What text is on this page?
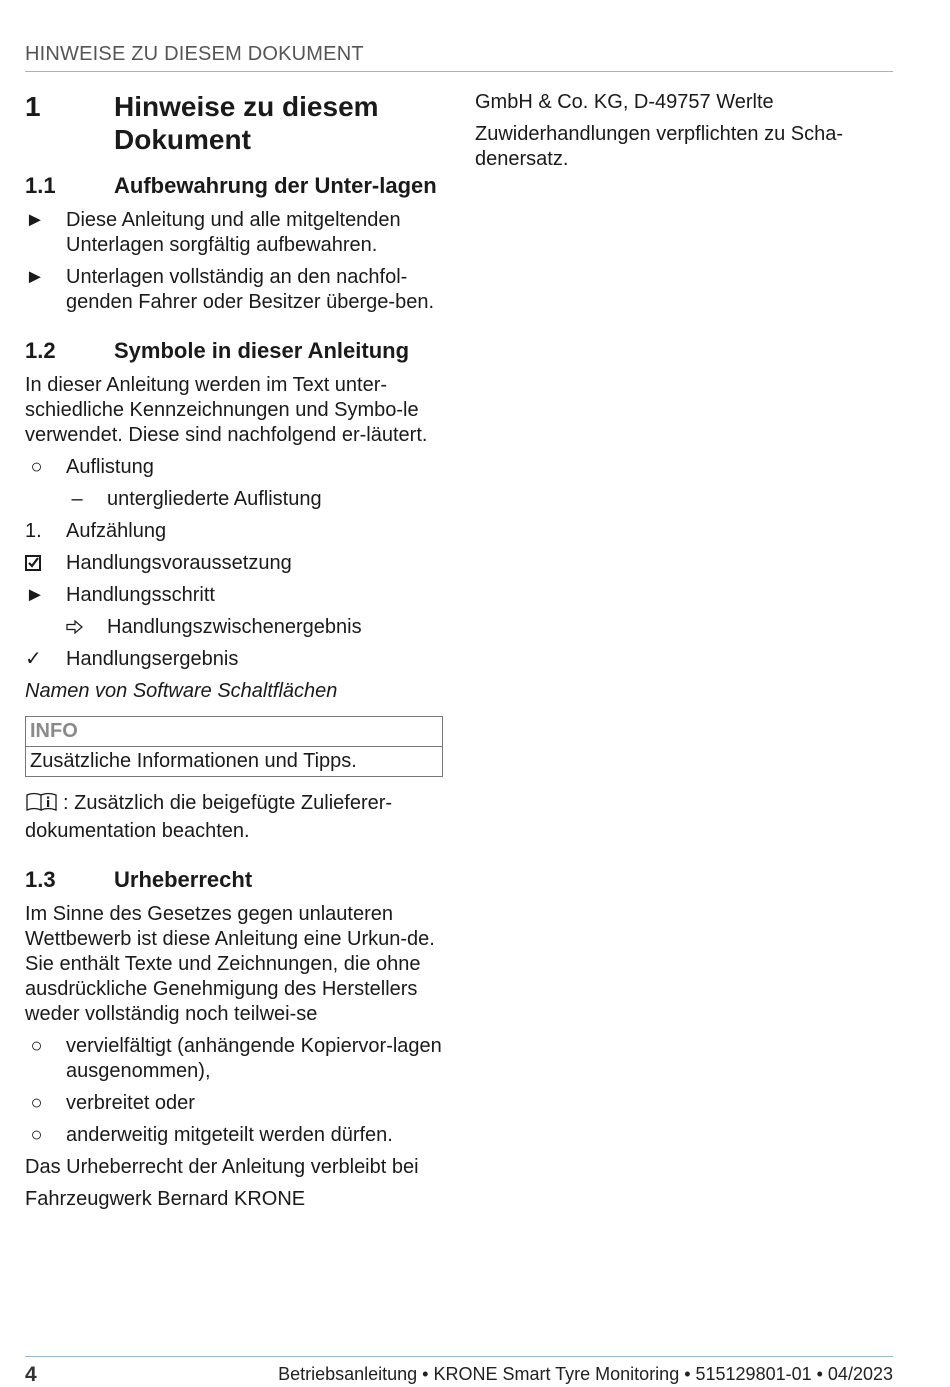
HINWEISE ZU DIESEM DOKUMENT
1	Hinweise zu diesem Dokument
1.1	Aufbewahrung der Unter-lagen
►	Diese Anleitung und alle mitgeltenden Unterlagen sorgfältig aufbewahren.
►	Unterlagen vollständig an den nachfol-genden Fahrer oder Besitzer überge-ben.
1.2	Symbole in dieser Anleitung

In dieser Anleitung werden im Text unter-schiedliche Kennzeichnungen und Symbo-le verwendet. Diese sind nachfolgend er-läutert.

○	Auflistung
–	untergliederte Auflistung
1.	Aufzählung
Handlungsvoraussetzung
►	Handlungsschritt
Handlungszwischenergebnis
✓	Handlungsergebnis

Namen von Software Schaltflächen

INFO
Zusätzliche Informationen und Tipps.
: Zusätzlich die beigefügte Zulieferer-dokumentation beachten.
1.3	Urheberrecht

Im Sinne des Gesetzes gegen unlauteren Wettbewerb ist diese Anleitung eine Urkun-de. Sie enthält Texte und Zeichnungen, die ohne ausdrückliche Genehmigung des Herstellers weder vollständig noch teilwei-se

○	vervielfältigt (anhängende Kopiervor-lagen ausgenommen),
○	verbreitet oder
○	anderweitig mitgeteilt werden dürfen.

Das Urheberrecht der Anleitung verbleibt bei

Fahrzeugwerk Bernard KRONE

GmbH & Co. KG, D-49757 Werlte

Zuwiderhandlungen verpflichten zu Scha-denersatz.

4	Betriebsanleitung • KRONE Smart Tyre Monitoring • 515129801-01 • 04/2023
